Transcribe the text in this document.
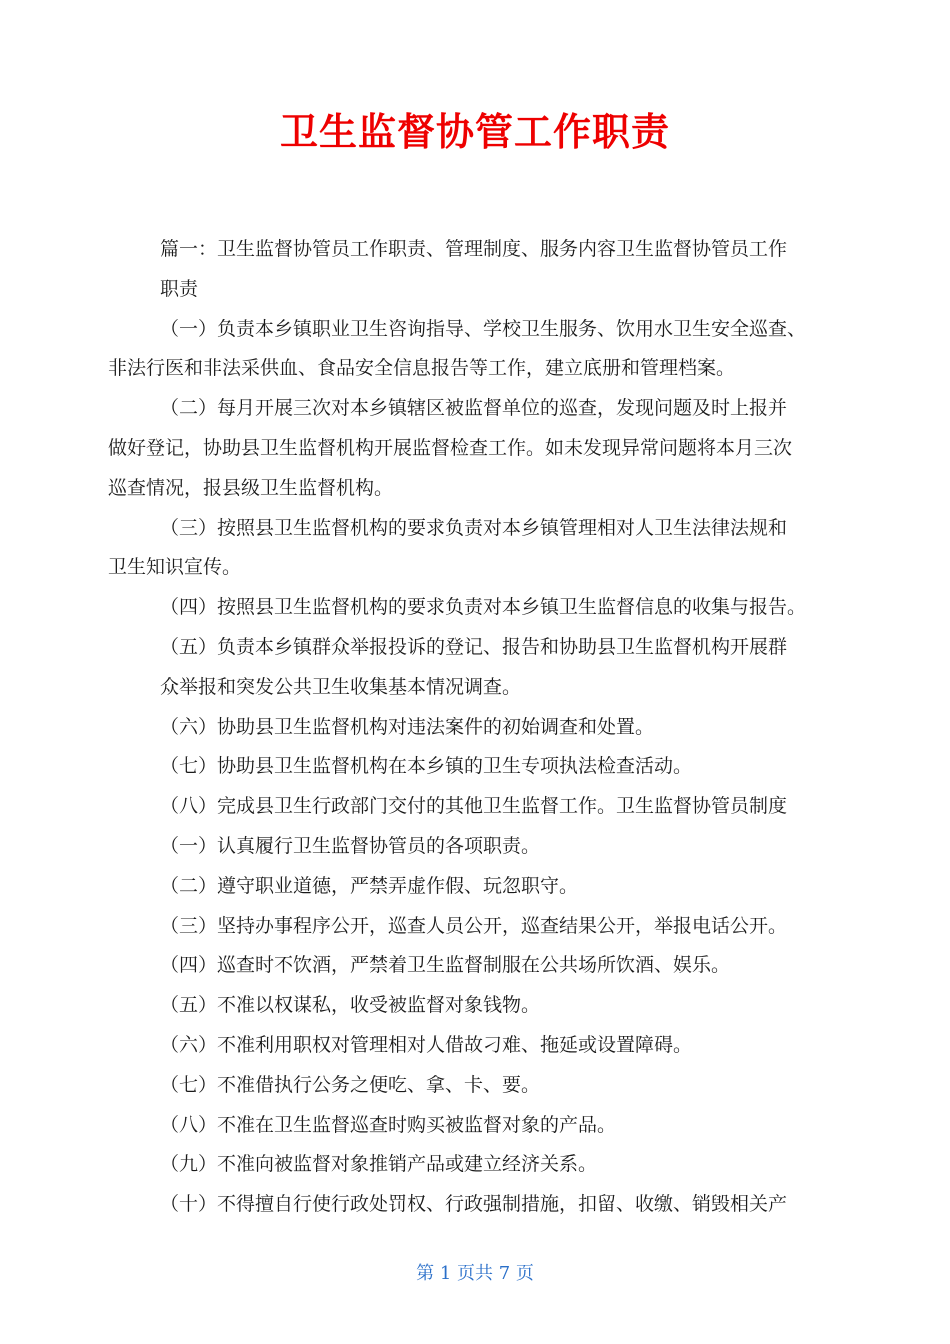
卫生监督协管工作职责

篇一：卫生监督协管员工作职责、管理制度、服务内容卫生监督协管员工作

职责

（一）负责本乡镇职业卫生咨询指导、学校卫生服务、饮用水卫生安全巡查、

非法行医和非法采供血、食品安全信息报告等工作，建立底册和管理档案。

（二）每月开展三次对本乡镇辖区被监督单位的巡查，发现问题及时上报并

做好登记，协助县卫生监督机构开展监督检查工作。如未发现异常问题将本月三次

巡查情况，报县级卫生监督机构。

（三）按照县卫生监督机构的要求负责对本乡镇管理相对人卫生法律法规和

卫生知识宣传。

（四）按照县卫生监督机构的要求负责对本乡镇卫生监督信息的收集与报告。

（五）负责本乡镇群众举报投诉的登记、报告和协助县卫生监督机构开展群

众举报和突发公共卫生收集基本情况调查。

（六）协助县卫生监督机构对违法案件的初始调查和处置。

（七）协助县卫生监督机构在本乡镇的卫生专项执法检查活动。

（八）完成县卫生行政部门交付的其他卫生监督工作。卫生监督协管员制度

（一）认真履行卫生监督协管员的各项职责。

（二）遵守职业道德，严禁弄虚作假、玩忽职守。

（三）坚持办事程序公开，巡查人员公开，巡查结果公开，举报电话公开。

（四）巡查时不饮酒，严禁着卫生监督制服在公共场所饮酒、娱乐。

（五）不准以权谋私，收受被监督对象钱物。

（六）不准利用职权对管理相对人借故刁难、拖延或设置障碍。

（七）不准借执行公务之便吃、拿、卡、要。

（八）不准在卫生监督巡查时购买被监督对象的产品。

（九）不准向被监督对象推销产品或建立经济关系。

（十）不得擅自行使行政处罚权、行政强制措施，扣留、收缴、销毁相关产

第 1 页共 7 页
